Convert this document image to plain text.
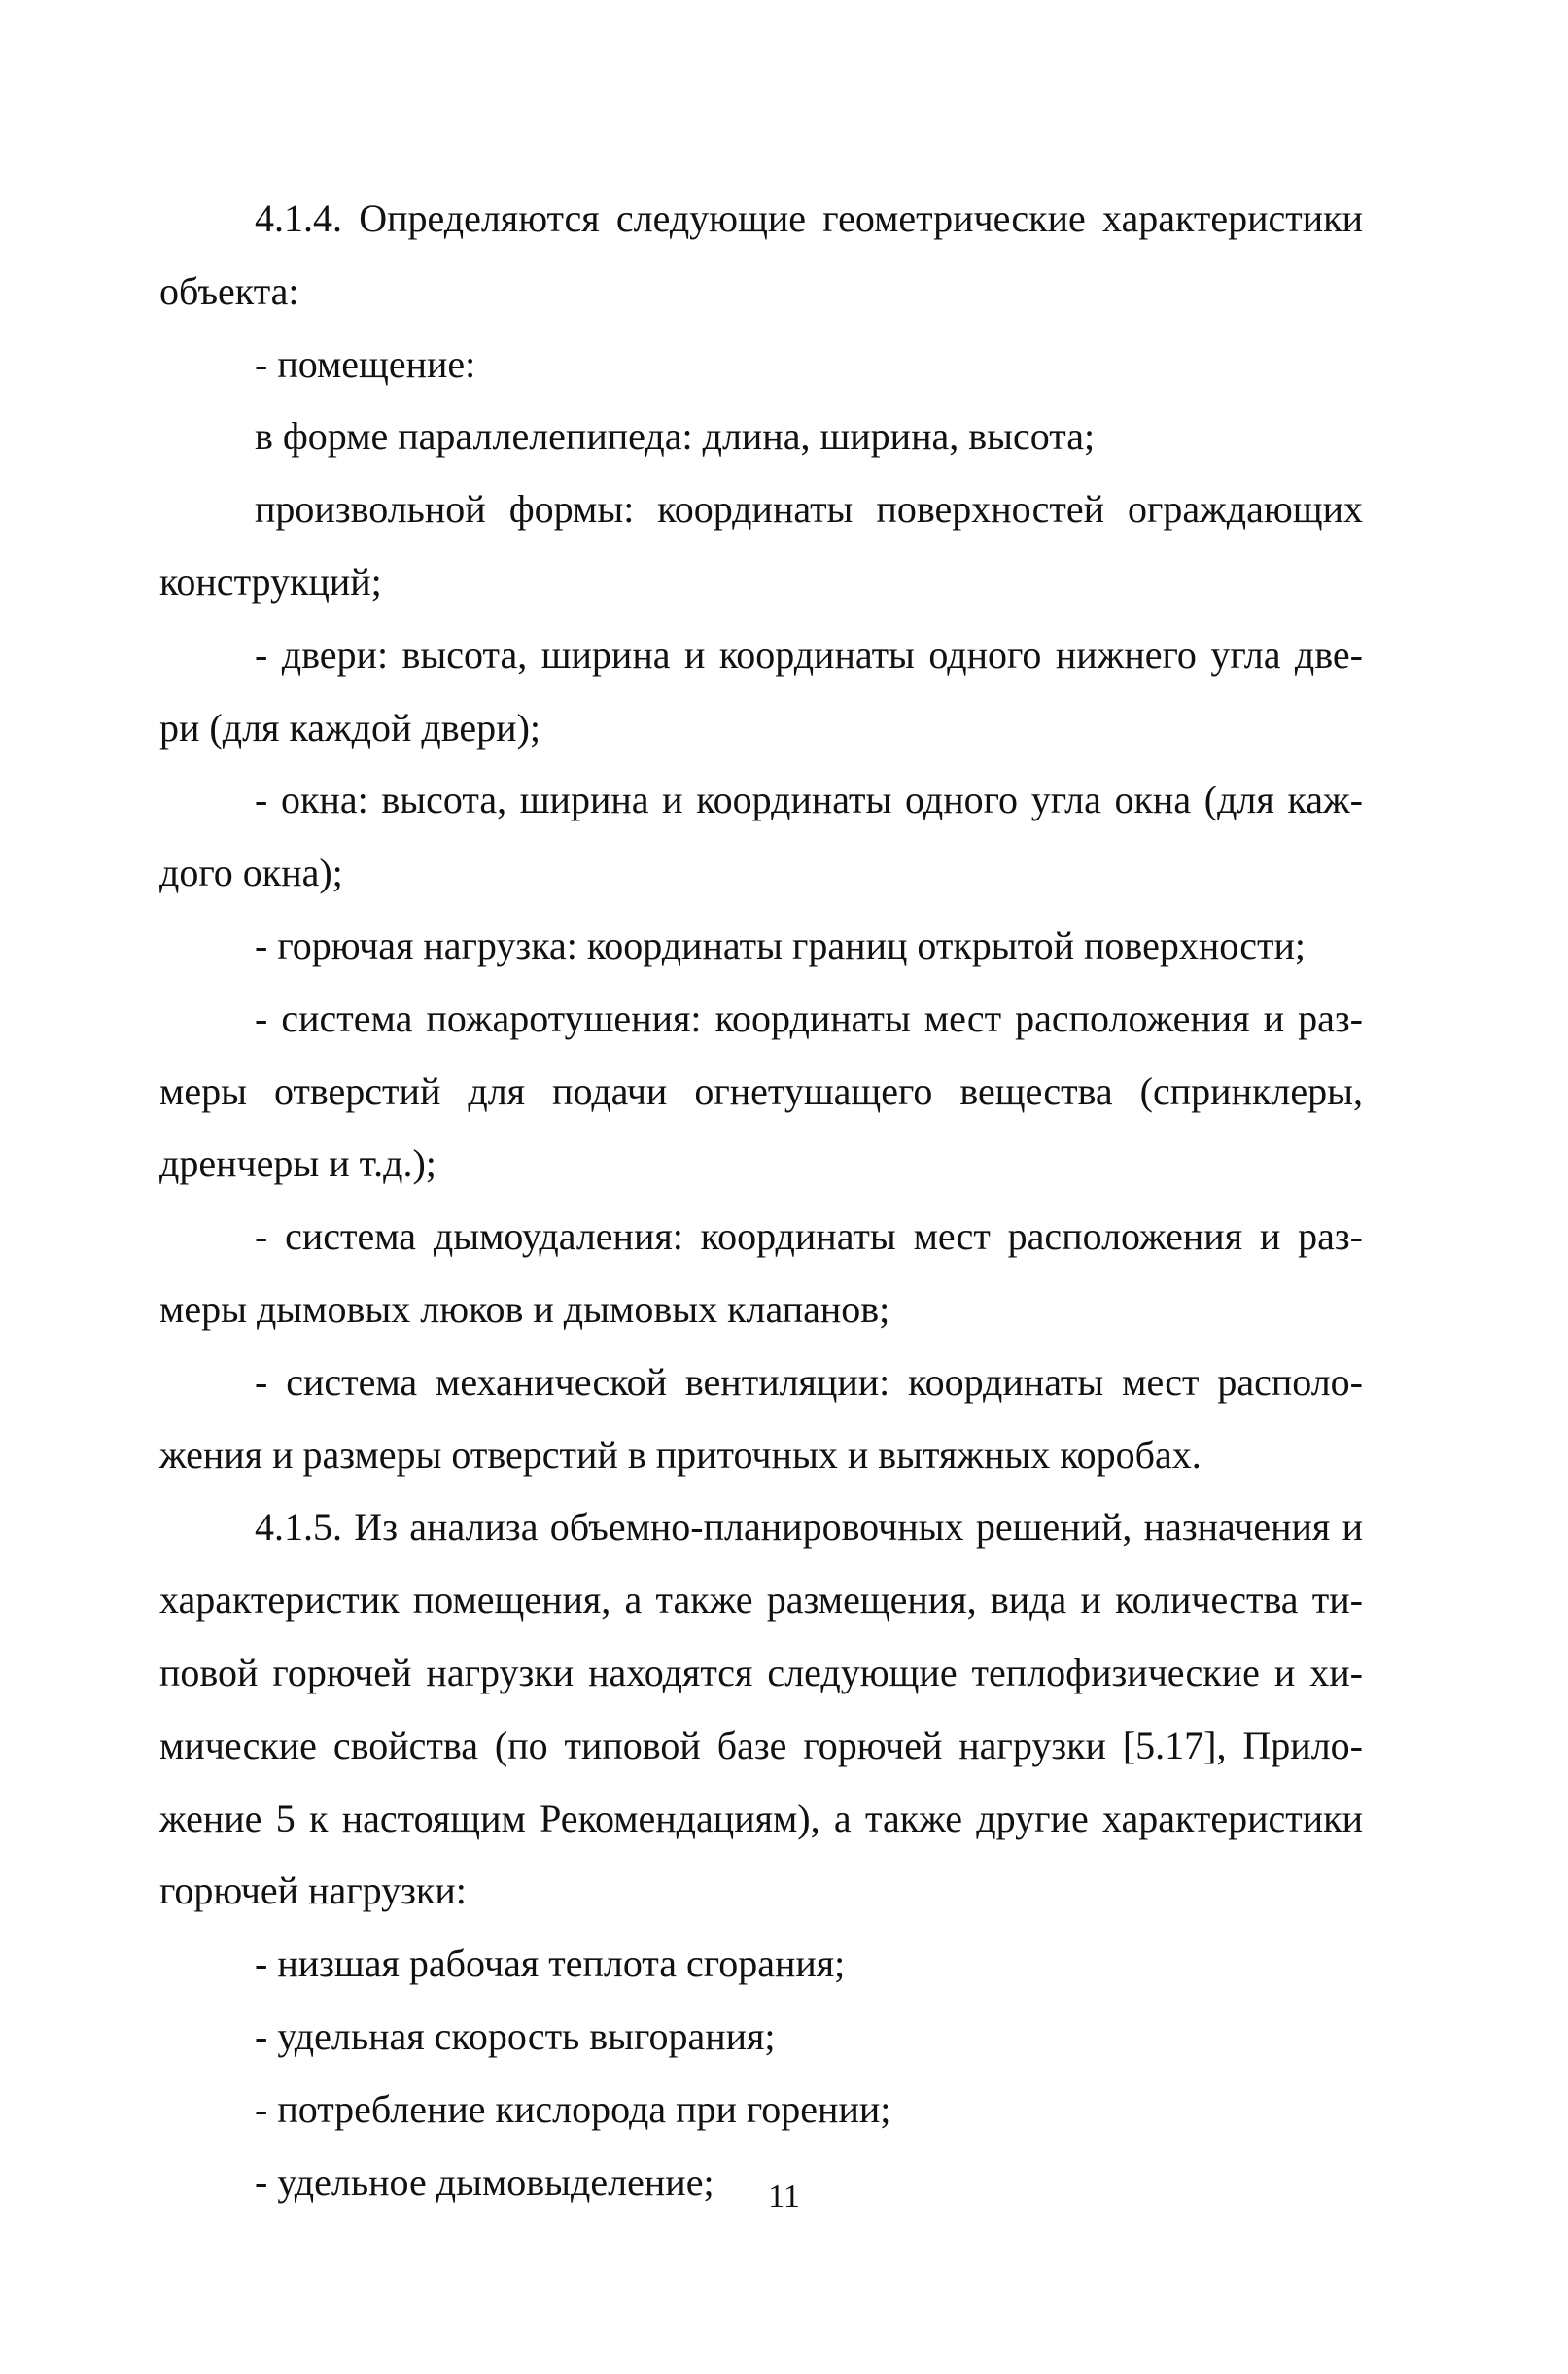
4.1.4. Определяются следующие геометрические характеристики
объекта:
- помещение:
в форме параллелепипеда: длина, ширина, высота;
произвольной формы: координаты поверхностей ограждающих
конструкций;
- двери: высота, ширина и координаты одного нижнего угла две-
ри (для каждой двери);
- окна: высота, ширина и координаты одного угла окна (для каж-
дого окна);
- горючая нагрузка: координаты границ открытой поверхности;
- система пожаротушения: координаты мест расположения и раз-
меры отверстий для подачи огнетушащего вещества (спринклеры,
дренчеры и т.д.);
- система дымоудаления: координаты мест расположения и раз-
меры дымовых люков и дымовых клапанов;
- система механической вентиляции: координаты мест располо-
жения и размеры отверстий в приточных и вытяжных коробах.
4.1.5. Из анализа объемно-планировочных решений, назначения и
характеристик помещения, а также размещения, вида и количества ти-
повой горючей нагрузки находятся следующие теплофизические и хи-
мические свойства (по типовой базе горючей нагрузки [5.17], Прило-
жение 5 к настоящим Рекомендациям), а также другие характеристики
горючей нагрузки:
- низшая рабочая теплота сгорания;
- удельная скорость выгорания;
- потребление кислорода при горении;
- удельное дымовыделение;	11
